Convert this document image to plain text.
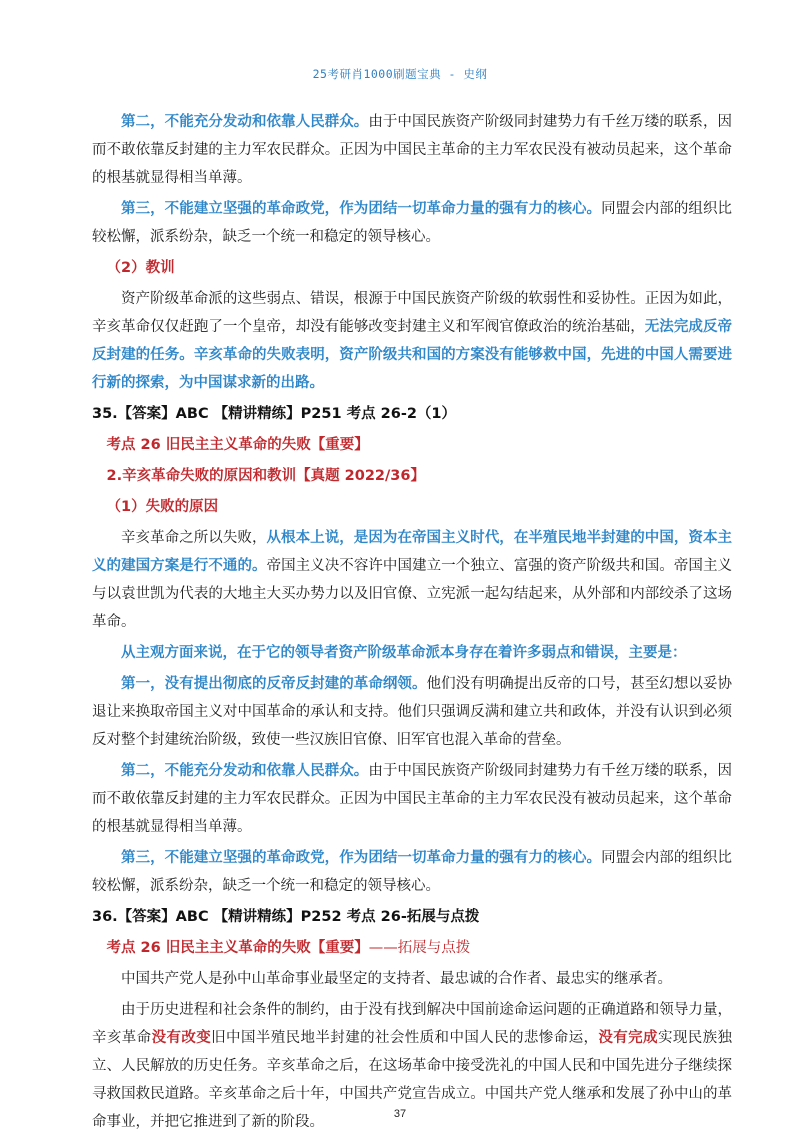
25考研肖1000刷题宝典 - 史纲

第二，不能充分发动和依靠人民群众。由于中国民族资产阶级同封建势力有千丝万缕的联系，因而不敢依靠反封建的主力军农民群众。正因为中国民主革命的主力军农民没有被动员起来，这个革命的根基就显得相当单薄。

第三，不能建立坚强的革命政党，作为团结一切革命力量的强有力的核心。同盟会内部的组织比较松懈，派系纷杂，缺乏一个统一和稳定的领导核心。

（2）教训

资产阶级革命派的这些弱点、错误，根源于中国民族资产阶级的软弱性和妥协性。正因为如此，辛亥革命仅仅赶跑了一个皇帝，却没有能够改变封建主义和军阀官僚政治的统治基础，无法完成反帝反封建的任务。辛亥革命的失败表明，资产阶级共和国的方案没有能够救中国，先进的中国人需要进行新的探索，为中国谋求新的出路。

35.【答案】ABC 【精讲精练】P251 考点 26-2（1）

考点 26 旧民主主义革命的失败【重要】

2.辛亥革命失败的原因和教训【真题 2022/36】

（1）失败的原因

辛亥革命之所以失败，从根本上说，是因为在帝国主义时代，在半殖民地半封建的中国，资本主义的建国方案是行不通的。帝国主义决不容许中国建立一个独立、富强的资产阶级共和国。帝国主义与以袁世凯为代表的大地主大买办势力以及旧官僚、立宪派一起勾结起来，从外部和内部绞杀了这场革命。

从主观方面来说，在于它的领导者资产阶级革命派本身存在着许多弱点和错误，主要是：

第一，没有提出彻底的反帝反封建的革命纲领。他们没有明确提出反帝的口号，甚至幻想以妥协退让来换取帝国主义对中国革命的承认和支持。他们只强调反满和建立共和政体，并没有认识到必须反对整个封建统治阶级，致使一些汉族旧官僚、旧军官也混入革命的营垒。

第二，不能充分发动和依靠人民群众。由于中国民族资产阶级同封建势力有千丝万缕的联系，因而不敢依靠反封建的主力军农民群众。正因为中国民主革命的主力军农民没有被动员起来，这个革命的根基就显得相当单薄。

第三，不能建立坚强的革命政党，作为团结一切革命力量的强有力的核心。同盟会内部的组织比较松懈，派系纷杂，缺乏一个统一和稳定的领导核心。

36.【答案】ABC 【精讲精练】P252 考点 26-拓展与点拨

考点 26 旧民主主义革命的失败【重要】——拓展与点拨

中国共产党人是孙中山革命事业最坚定的支持者、最忠诚的合作者、最忠实的继承者。

由于历史进程和社会条件的制约，由于没有找到解决中国前途命运问题的正确道路和领导力量，辛亥革命没有改变旧中国半殖民地半封建的社会性质和中国人民的悲惨命运，没有完成实现民族独立、人民解放的历史任务。辛亥革命之后，在这场革命中接受洗礼的中国人民和中国先进分子继续探寻救国救民道路。辛亥革命之后十年，中国共产党宣告成立。中国共产党人继承和发展了孙中山的革命事业，并把它推进到了新的阶段。	37
